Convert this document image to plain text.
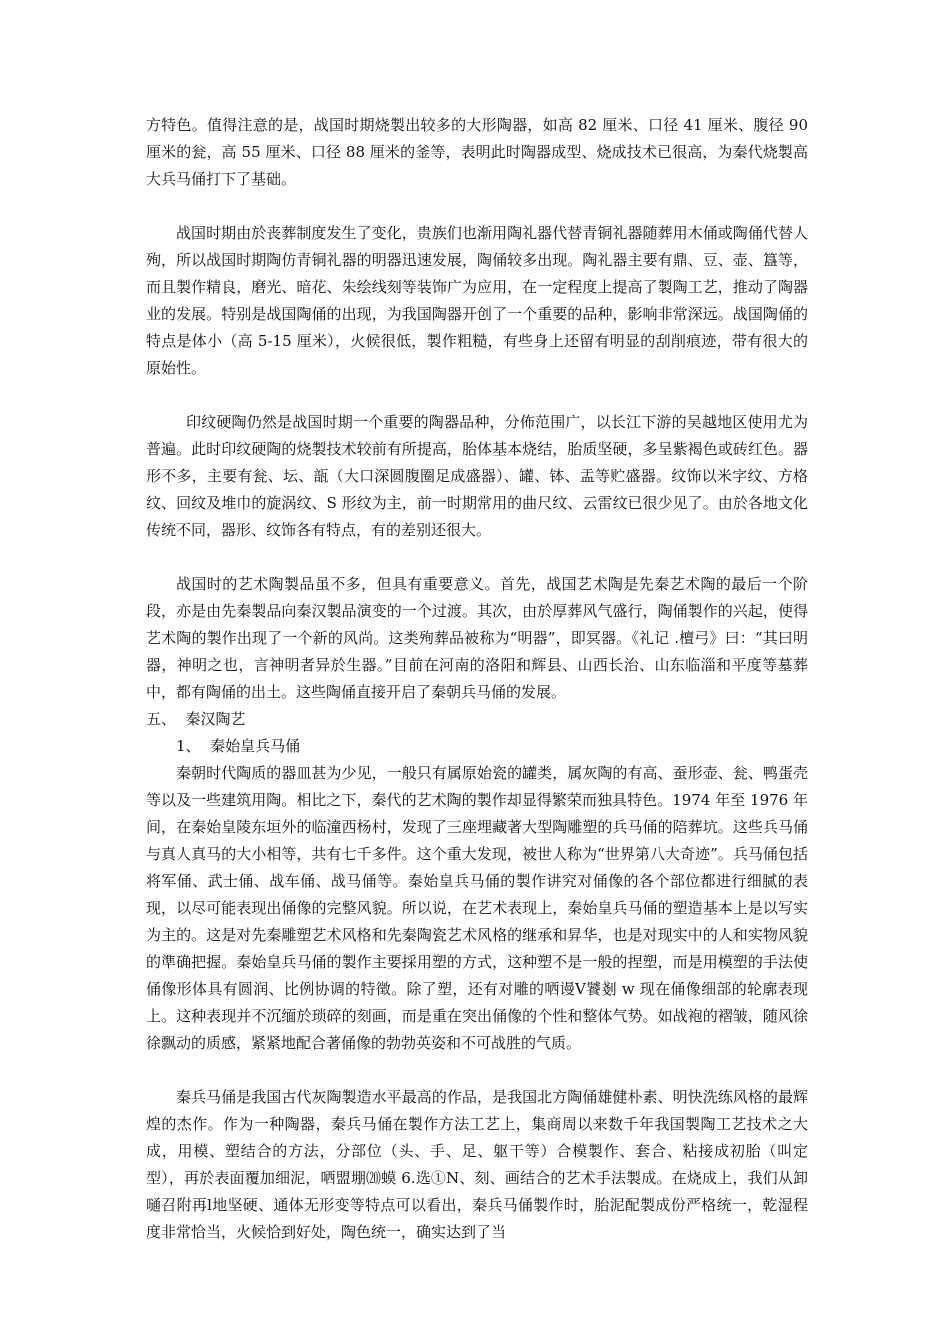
方特色。值得注意的是，战国时期烧製出较多的大形陶器，如高 82 厘米、口径 41 厘米、腹径 90 厘米的瓮，高 55 厘米、口径 88 厘米的釜等，表明此时陶器成型、烧成技术已很高，为秦代烧製高大兵马俑打下了基础。

战国时期由於丧葬制度发生了变化，贵族们也渐用陶礼器代替青铜礼器随葬用木俑或陶俑代替人殉，所以战国时期陶仿青铜礼器的明器迅速发展，陶俑较多出现。陶礼器主要有鼎、豆、壶、簋等，而且製作精良，磨光、暗花、朱绘线刻等装饰广为应用，在一定程度上提高了製陶工艺，推动了陶器业的发展。特别是战国陶俑的出现，为我国陶器开创了一个重要的品种，影响非常深远。战国陶俑的特点是体小（高 5-15 厘米），火候很低，製作粗糙，有些身上还留有明显的刮削痕迹，带有很大的原始性。

印纹硬陶仍然是战国时期一个重要的陶器品种，分佈范围广，以长江下游的吴越地区使用尤为普遍。此时印纹硬陶的烧製技术较前有所提高，胎体基本烧结，胎质坚硬，多呈紫褐色或砖红色。器形不多，主要有瓮、坛、瓿（大口深圆腹圈足成盛器）、罐、钵、盂等贮盛器。纹饰以米字纹、方格纹、回纹及堆巾的旋涡纹、S 形纹为主，前一时期常用的曲尺纹、云雷纹已很少见了。由於各地文化传统不同，器形、纹饰各有特点，有的差别还很大。

战国时的艺术陶製品虽不多，但具有重要意义。首先，战国艺术陶是先秦艺术陶的最后一个阶段，亦是由先秦製品向秦汉製品演变的一个过渡。其次，由於厚葬风气盛行，陶俑製作的兴起，使得艺术陶的製作出现了一个新的风尚。这类殉葬品被称为“明器”，即冥器。《礼记 .檀弓》曰：“其曰明器，神明之也，言神明者异於生器。”目前在河南的洛阳和辉县、山西长治、山东临淄和平度等墓葬中，都有陶俑的出土。这些陶俑直接开启了秦朝兵马俑的发展。

五、  秦汉陶艺

1、  秦始皇兵马俑

秦朝时代陶质的器皿甚为少见，一般只有属原始瓷的罐类，属灰陶的有高、蚕形壶、瓮、鸭蛋壳等以及一些建筑用陶。相比之下，秦代的艺术陶的製作却显得繁荣而独具特色。1974 年至 1976 年间，在秦始皇陵东垣外的临潼西杨村，发现了三座埋藏著大型陶雕塑的兵马俑的陪葬坑。这些兵马俑与真人真马的大小相等，共有七千多件。这个重大发现，被世人称为“世界第八大奇迹”。兵马俑包括将军俑、武士俑、战车俑、战马俑等。秦始皇兵马俑的製作讲究对俑像的各个部位都进行细腻的表现，以尽可能表现出俑像的完整风貌。所以说，在艺术表现上，秦始皇兵马俑的塑造基本上是以写实为主的。这是对先秦雕塑艺术风格和先秦陶瓷艺术风格的继承和昇华，也是对现实中的人和实物风貌的準确把握。秦始皇兵马俑的製作主要採用塑的方式，这种塑不是一般的捏塑，而是用模塑的手法使俑像形体具有圆润、比例协调的特徵。除了塑，还有对雕的哂谩Ⅴ饕剗 w 现在俑像细部的轮廓表现上。这种表现并不沉缅於琐碎的刻画，而是重在突出俑像的个性和整体气势。如战袍的褶皱，随风徐徐飘动的质感，紧紧地配合著俑像的勃勃英姿和不可战胜的气质。

秦兵马俑是我国古代灰陶製造水平最高的作品，是我国北方陶俑雄健朴素、明快洗练风格的最辉煌的杰作。作为一种陶器，秦兵马俑在製作方法工艺上，集商周以来数千年我国製陶工艺技术之大成，用模、塑结合的方法，分部位（头、手、足、躯干等）合模製作、套合、粘接成初胎（叫定型），再於表面覆加细泥，哂盟堋⒇蟆 6.选①N、刻、画结合的艺术手法製成。在烧成上，我们从卸嗵召附再l地坚硬、通体无形变等特点可以看出，秦兵马俑製作时，胎泥配製成份严格统一，乾湿程度非常恰当，火候恰到好处，陶色统一，确实达到了当
